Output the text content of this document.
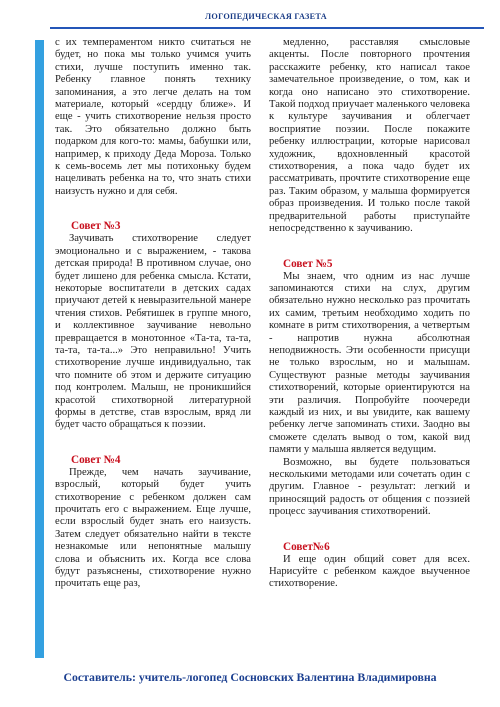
ЛОГОПЕДИЧЕСКАЯ ГАЗЕТА

с их темпераментом никто считаться не будет, но пока мы только учимся учить стихи, лучше поступить именно так. Ребенку главное понять технику запоминания, а это легче делать на том материале, который «сердцу ближе». И еще - учить стихотворение нельзя просто так. Это обязательно должно быть подарком для кого-то: мамы, бабушки или, например, к приходу Деда Мороза. Только к семь-восемь лет мы потихоньку будем нацеливать ребенка на то, что знать стихи наизусть нужно и для себя.

Совет №3

Заучивать стихотворение следует эмоционально и с выражением, - такова детская природа! В противном случае, оно будет лишено для ребенка смысла. Кстати, некоторые воспитатели в детских садах приучают детей к невыразительной манере чтения стихов. Ребятишек в группе много, и коллективное заучивание невольно превращается в монотонное «Та-та, та-та, та-та, та-та...» Это неправильно! Учить стихотворение лучше индивидуально, так что помните об этом и держите ситуацию под контролем. Малыш, не проникшийся красотой стихотворной литературной формы в детстве, став взрослым, вряд ли будет часто обращаться к поэзии.

Совет №4

Прежде, чем начать заучивание, взрослый, который будет учить стихотворение с ребенком должен сам прочитать его с выражением. Еще лучше, если взрослый будет знать его наизусть. Затем следует обязательно найти в тексте незнакомые или непонятные малышу слова и объяснить их. Когда все слова будут разъяснены, стихотворение нужно прочитать еще раз,

медленно, расставляя смысловые акценты. После повторного прочтения расскажите ребенку, кто написал такое замечательное произведение, о том, как и когда оно написано это стихотворение. Такой подход приучает маленького человека к культуре заучивания и облегчает восприятие поэзии. После покажите ребенку иллюстрации, которые нарисовал художник, вдохновленный красотой стихотворения, а пока чадо будет их рассматривать, прочтите стихотворение еще раз. Таким образом, у малыша формируется образ произведения. И только после такой предварительной работы приступайте непосредственно к заучиванию.

Совет №5

Мы знаем, что одним из нас лучше запоминаются стихи на слух, другим обязательно нужно несколько раз прочитать их самим, третьим необходимо ходить по комнате в ритм стихотворения, а четвертым - напротив нужна абсолютная неподвижность. Эти особенности присущи не только взрослым, но и малышам. Существуют разные методы заучивания стихотворений, которые ориентируются на эти различия. Попробуйте поочереди каждый из них, и вы увидите, как вашему ребенку легче запоминать стихи. Заодно вы сможете сделать вывод о том, какой вид памяти у малыша является ведущим.

Возможно, вы будете пользоваться несколькими методами или сочетать один с другим. Главное - результат: легкий и приносящий радость от общения с поэзией процесс заучивания стихотворений.

Совет№6

И еще один общий совет для всех. Нарисуйте с ребенком каждое выученное стихотворение.

Составитель: учитель-логопед Сосновских Валентина Владимировна
